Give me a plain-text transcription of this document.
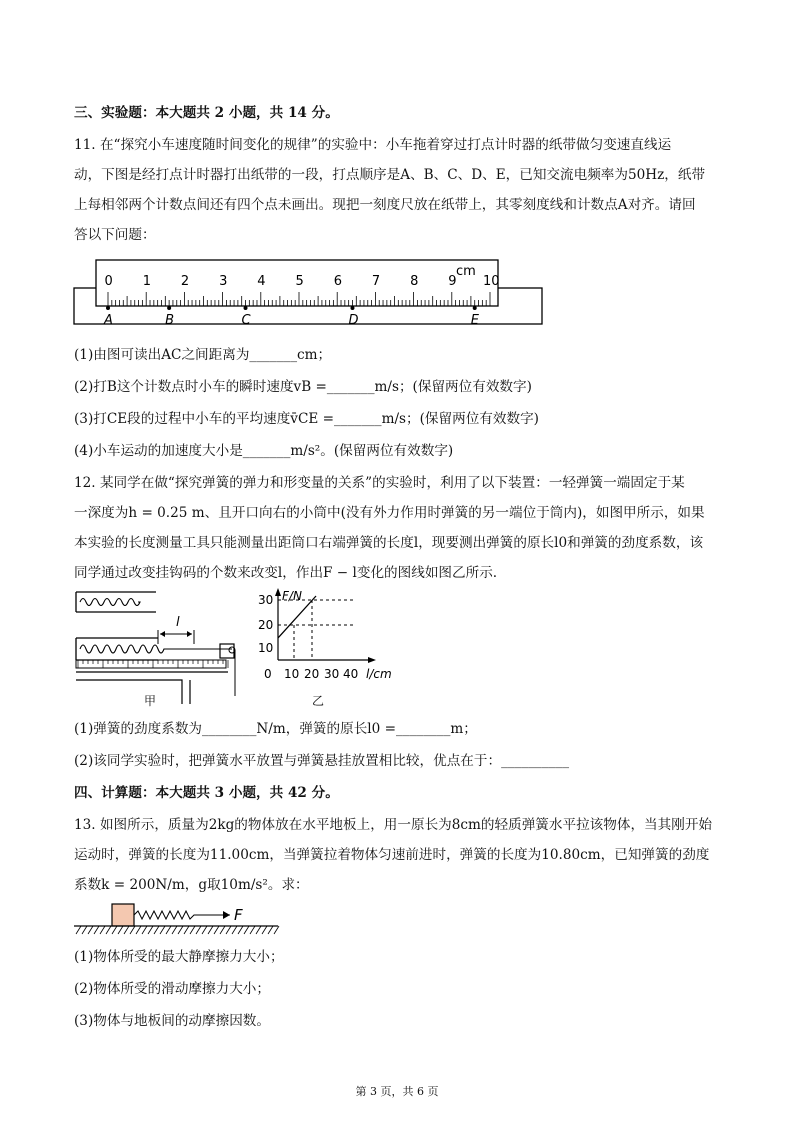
三、实验题：本大题共 2 小题，共 14 分。
11. 在“探究小车速度随时间变化的规律”的实验中：小车拖着穿过打点计时器的纸带做匀变速直线运
动，下图是经打点计时器打出纸带的一段，打点顺序是A、B、C、D、E，已知交流电频率为50Hz，纸带
上每相邻两个计数点间还有四个点未画出。现把一刻度尺放在纸带上，其零刻度线和计数点A对齐。请回
答以下问题：
0 1 2 3 4 5 6 7 8 9 10
cm
A	B	C	D	E
(1)由图可读出AC之间距离为_______cm；
(2)打B这个计数点时小车的瞬时速度vB =_______m/s；(保留两位有效数字)
(3)打CE段的过程中小车的平均速度v̄CE =_______m/s；(保留两位有效数字)
(4)小车运动的加速度大小是_______m/s²。(保留两位有效数字)
12. 某同学在做“探究弹簧的弹力和形变量的关系”的实验时，利用了以下装置：一轻弹簧一端固定于某
一深度为h = 0.25 m、且开口向右的小筒中(没有外力作用时弹簧的另一端位于筒内)，如图甲所示，如果
本实验的长度测量工具只能测量出距筒口右端弹簧的长度l，现要测出弹簧的原长l0和弹簧的劲度系数，该
同学通过改变挂钩码的个数来改变l，作出F − l变化的图线如图乙所示.
l
甲
F/N
30
20
10
0 10 20 30 40 l/cm
乙
(1)弹簧的劲度系数为________N/m，弹簧的原长l0 =________m；
(2)该同学实验时，把弹簧水平放置与弹簧悬挂放置相比较，优点在于：__________
四、计算题：本大题共 3 小题，共 42 分。
13. 如图所示，质量为2kg的物体放在水平地板上，用一原长为8cm的轻质弹簧水平拉该物体，当其刚开始
运动时，弹簧的长度为11.00cm，当弹簧拉着物体匀速前进时，弹簧的长度为10.80cm，已知弹簧的劲度
系数k = 200N/m，g取10m/s²。求：
F
(1)物体所受的最大静摩擦力大小；
(2)物体所受的滑动摩擦力大小；
(3)物体与地板间的动摩擦因数。
第 3 页，共 6 页
